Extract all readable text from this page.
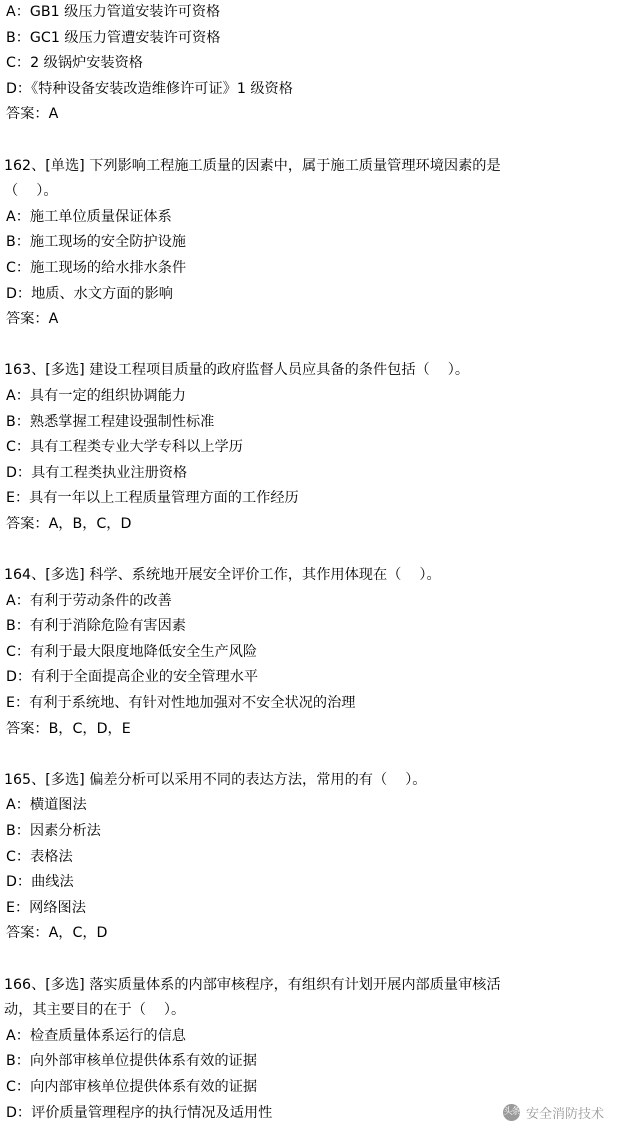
A：GB1 级压力管道安装许可资格
B：GC1 级压力管遭安装许可资格
C：2 级锅炉安装资格
D：《特种设备安装改造维修许可证》1 级资格
答案：A
162、[单选] 下列影响工程施工质量的因素中，属于施工质量管理环境因素的是
（    ）。
A：施工单位质量保证体系
B：施工现场的安全防护设施
C：施工现场的给水排水条件
D：地质、水文方面的影响
答案：A
163、[多选] 建设工程项目质量的政府监督人员应具备的条件包括（    ）。
A：具有一定的组织协调能力
B：熟悉掌握工程建设强制性标准
C：具有工程类专业大学专科以上学历
D：具有工程类执业注册资格
E：具有一年以上工程质量管理方面的工作经历
答案：A，B，C，D
164、[多选] 科学、系统地开展安全评价工作，其作用体现在（    ）。
A：有利于劳动条件的改善
B：有利于消除危险有害因素
C：有利于最大限度地降低安全生产风险
D：有利于全面提高企业的安全管理水平
E：有利于系统地、有针对性地加强对不安全状况的治理
答案：B，C，D，E
165、[多选] 偏差分析可以采用不同的表达方法，常用的有（    ）。
A：横道图法
B：因素分析法
C：表格法
D：曲线法
E：网络图法
答案：A，C，D
166、[多选] 落实质量体系的内部审核程序，有组织有计划开展内部质量审核活
动，其主要目的在于（    ）。
A：检查质量体系运行的信息
B：向外部审核单位提供体系有效的证据
C：向内部审核单位提供体系有效的证据
D：评价质量管理程序的执行情况及适用性	头条 安全消防技术
